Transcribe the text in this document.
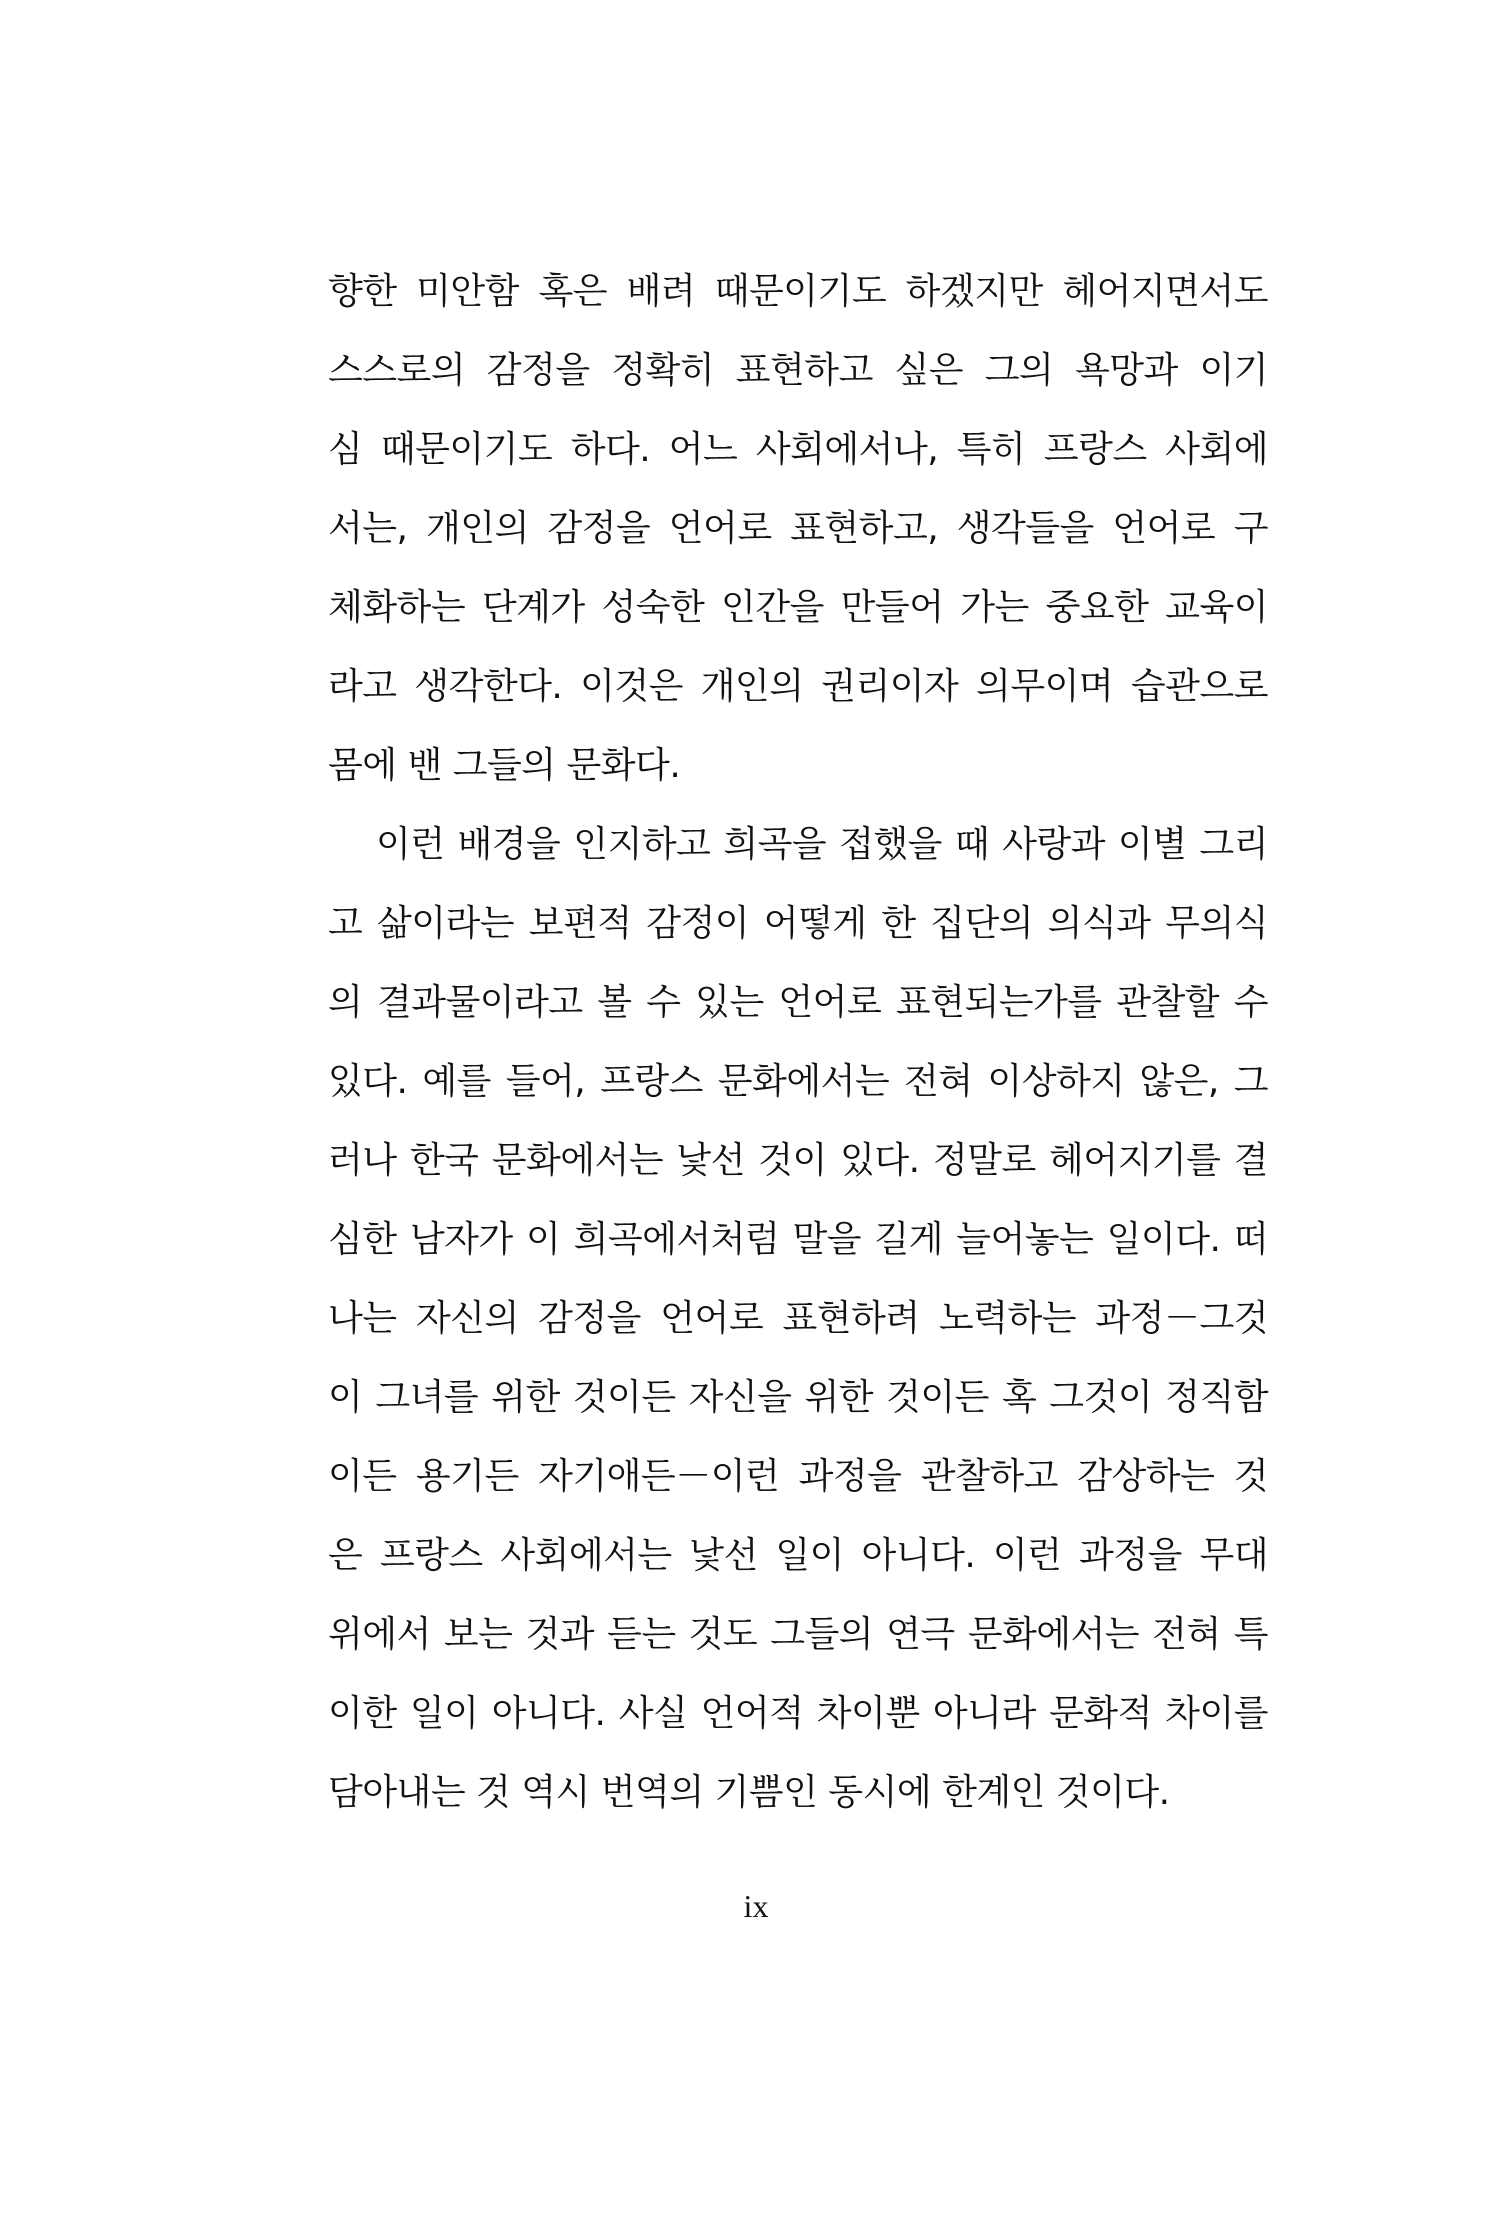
향한 미안함 혹은 배려 때문이기도 하겠지만 헤어지면서도
스스로의 감정을 정확히 표현하고 싶은 그의 욕망과 이기
심 때문이기도 하다. 어느 사회에서나, 특히 프랑스 사회에
서는, 개인의 감정을 언어로 표현하고, 생각들을 언어로 구
체화하는 단계가 성숙한 인간을 만들어 가는 중요한 교육이
라고 생각한다. 이것은 개인의 권리이자 의무이며 습관으로
몸에 밴 그들의 문화다.
이런 배경을 인지하고 희곡을 접했을 때 사랑과 이별 그리
고 삶이라는 보편적 감정이 어떻게 한 집단의 의식과 무의식
의 결과물이라고 볼 수 있는 언어로 표현되는가를 관찰할 수
있다. 예를 들어, 프랑스 문화에서는 전혀 이상하지 않은, 그
러나 한국 문화에서는 낯선 것이 있다. 정말로 헤어지기를 결
심한 남자가 이 희곡에서처럼 말을 길게 늘어놓는 일이다. 떠
나는 자신의 감정을 언어로 표현하려 노력하는 과정－그것
이 그녀를 위한 것이든 자신을 위한 것이든 혹 그것이 정직함
이든 용기든 자기애든－이런 과정을 관찰하고 감상하는 것
은 프랑스 사회에서는 낯선 일이 아니다. 이런 과정을 무대
위에서 보는 것과 듣는 것도 그들의 연극 문화에서는 전혀 특
이한 일이 아니다. 사실 언어적 차이뿐 아니라 문화적 차이를
담아내는 것 역시 번역의 기쁨인 동시에 한계인 것이다.
ix
